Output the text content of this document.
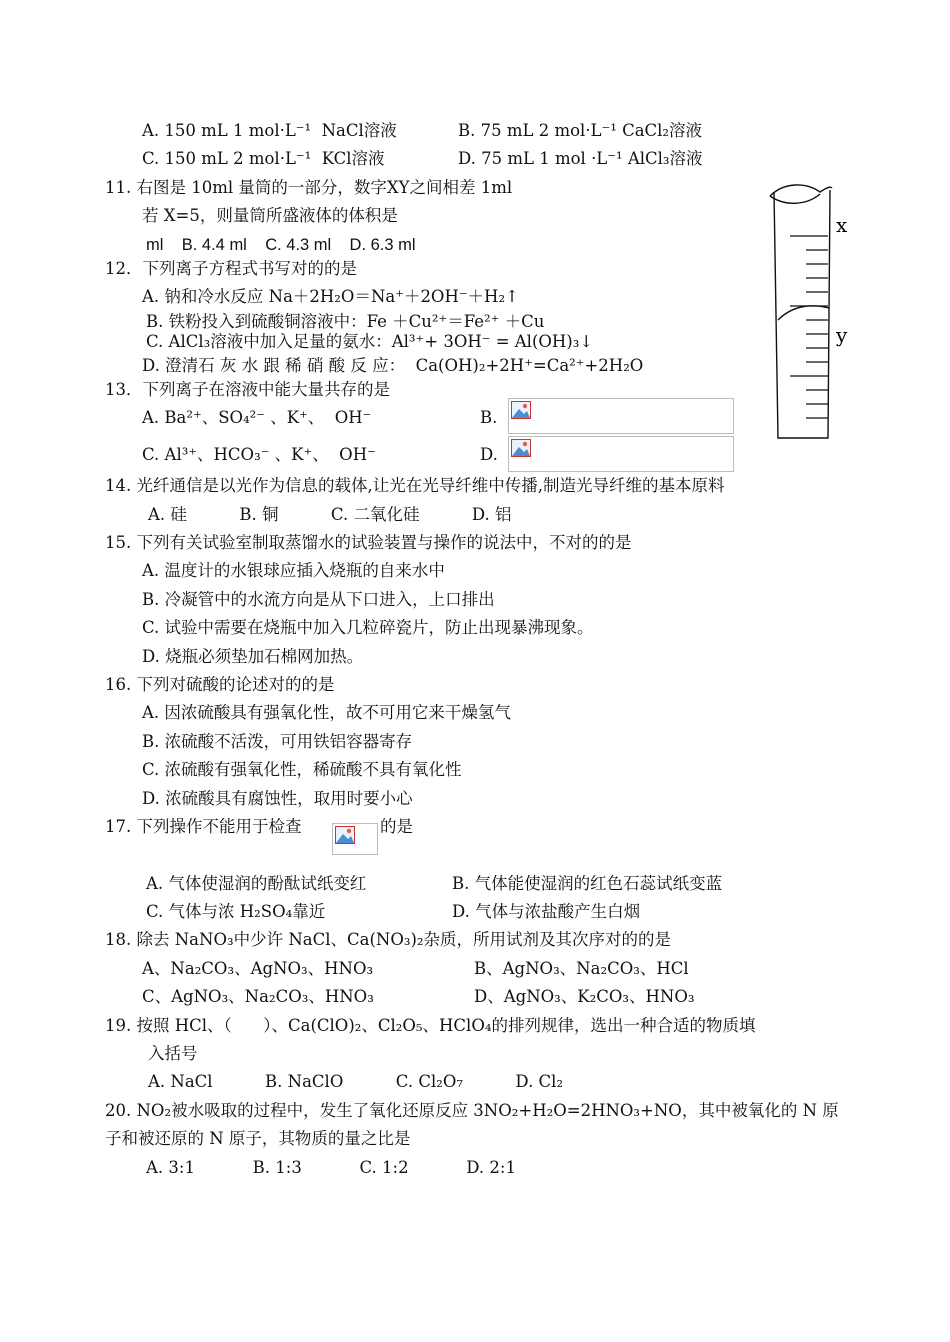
A. 150 mL 1 mol·L⁻¹  NaCl溶液	B. 75 mL 2 mol·L⁻¹ CaCl₂溶液
C. 150 mL 2 mol·L⁻¹  KCl溶液	D. 75 mL 1 mol ·L⁻¹ AlCl₃溶液
11. 右图是 10ml 量筒的一部分，数字XY之间相差 1ml
若 X=5，则量筒所盛液体的体积是
ml    B. 4.4 ml    C. 4.3 ml    D. 6.3 ml
12．下列离子方程式书写对的的是
A. 钠和冷水反应 Na＋2H₂O＝Na⁺＋2OH⁻＋H₂↑
B. 铁粉投入到硫酸铜溶液中：Fe ＋Cu²⁺＝Fe²⁺ ＋Cu
C. AlCl₃溶液中加入足量的氨水：Al³⁺+ 3OH⁻ = Al(OH)₃↓
D. 澄清石 灰 水 跟 稀 硝 酸 反 应：  Ca(OH)₂+2H⁺=Ca²⁺+2H₂O
13．下列离子在溶液中能大量共存的是
A. Ba²⁺、SO₄²⁻ 、K⁺、  OH⁻	B.
C. Al³⁺、HCO₃⁻ 、K⁺、  OH⁻	D.
x
y
14. 光纤通信是以光作为信息的载体,让光在光导纤维中传播,制造光导纤维的基本原料
A. 硅          B. 铜          C. 二氧化硅          D. 铝
15. 下列有关试验室制取蒸馏水的试验装置与操作的说法中，不对的的是
A. 温度计的水银球应插入烧瓶的自来水中
B. 冷凝管中的水流方向是从下口进入，上口排出
C. 试验中需要在烧瓶中加入几粒碎瓷片，防止出现暴沸现象。
D. 烧瓶必须垫加石棉网加热。
16. 下列对硫酸的论述对的的是
A. 因浓硫酸具有强氧化性，故不可用它来干燥氢气
B. 浓硫酸不活泼，可用铁铝容器寄存
C. 浓硫酸有强氧化性，稀硫酸不具有氧化性
D. 浓硫酸具有腐蚀性，取用时要小心
17. 下列操作不能用于检查	的是
A. 气体使湿润的酚酞试纸变红	B. 气体能使湿润的红色石蕊试纸变蓝
C. 气体与浓 H₂SO₄靠近	D. 气体与浓盐酸产生白烟
18. 除去 NaNO₃中少许 NaCl、Ca(NO₃)₂杂质，所用试剂及其次序对的的是
A、Na₂CO₃、AgNO₃、HNO₃	B、AgNO₃、Na₂CO₃、HCl
C、AgNO₃、Na₂CO₃、HNO₃	D、AgNO₃、K₂CO₃、HNO₃
19. 按照 HCl、（      ）、Ca(ClO)₂、Cl₂O₅、HClO₄的排列规律，选出一种合适的物质填
入括号
A. NaCl          B. NaClO          C. Cl₂O₇          D. Cl₂
20. NO₂被水吸取的过程中，发生了氧化还原反应 3NO₂+H₂O=2HNO₃+NO，其中被氧化的 N 原
子和被还原的 N 原子，其物质的量之比是
A. 3:1           B. 1:3           C. 1:2           D. 2:1
